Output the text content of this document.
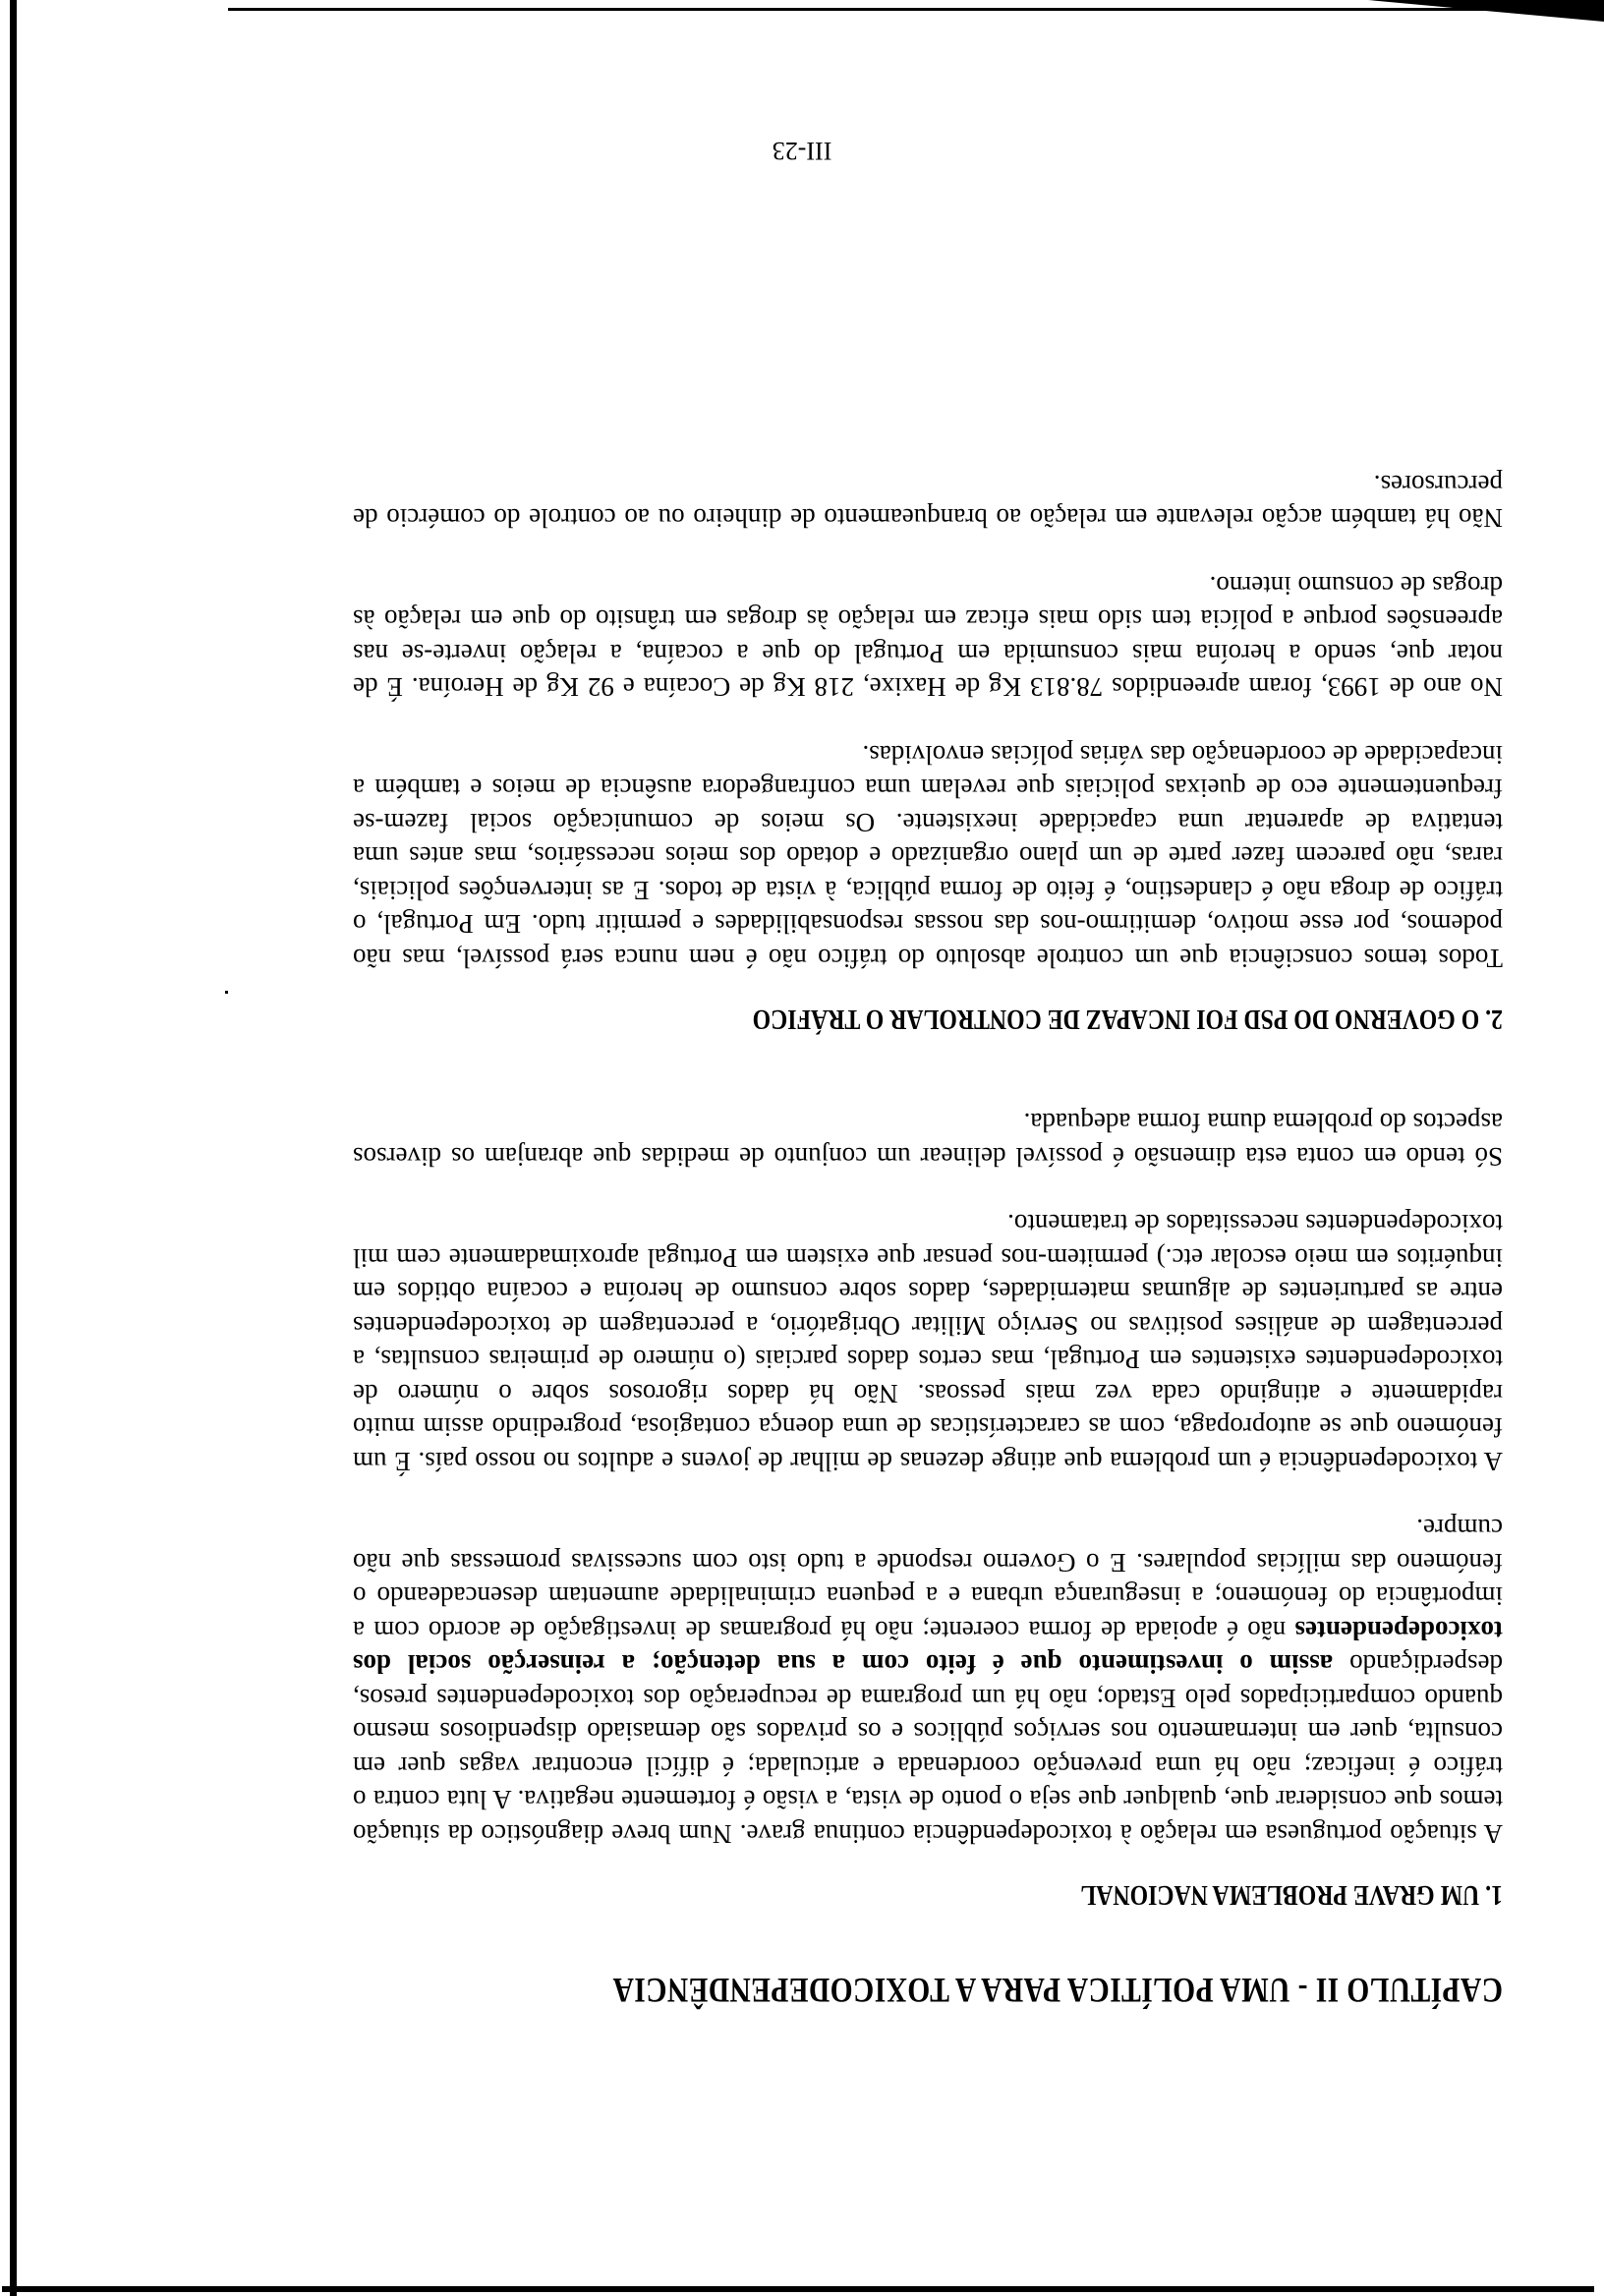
CAPÍTULO II - UMA POLÍTICA PARA A TOXICODEPENDÊNCIA
1. UM GRAVE PROBLEMA NACIONAL

A situação portuguesa em relação à toxicodependência continua grave. Num breve diagnóstico da situação temos que considerar que, qualquer que seja o ponto de vista, a visão é fortemente negativa. A luta contra o tráfico é ineficaz; não há uma prevenção coordenada e articulada; é difícil encontrar vagas quer em consulta, quer em internamento nos serviços públicos e os privados são demasiado dispendiosos mesmo quando comparticipados pelo Estado; não há um programa de recuperação dos toxicodependentes presos, desperdiçando assim o investimento que é feito com a sua detenção; a reinserção social dos toxicodependentes não é apoiada de forma coerente; não há programas de investigação de acordo com a importância do fenómeno; a insegurança urbana e a pequena criminalidade aumentam desencadeando o fenómeno das milícias populares. E o Governo responde a tudo isto com sucessivas promessas que não cumpre.

A toxicodependência é um problema que atinge dezenas de milhar de jovens e adultos no nosso país. É um fenómeno que se autopropaga, com as características de uma doença contagiosa, progredindo assim muito rapidamente e atingindo cada vez mais pessoas. Não há dados rigorosos sobre o número de toxicodependentes existentes em Portugal, mas certos dados parciais (o número de primeiras consultas, a percentagem de análises positivas no Serviço Militar Obrigatório, a percentagem de toxicodependentes entre as parturientes de algumas maternidades, dados sobre consumo de heroína e cocaína obtidos em inquéritos em meio escolar etc.) permitem-nos pensar que existem em Portugal aproximadamente cem mil toxicodependentes necessitados de tratamento.

Só tendo em conta esta dimensão é possível delinear um conjunto de medidas que abranjam os diversos aspectos do problema duma forma adequada.

2. O GOVERNO DO PSD FOI INCAPAZ DE CONTROLAR O TRÁFICO

Todos temos consciência que um controle absoluto do tráfico não é nem nunca será possível, mas não podemos, por esse motivo, demitirmo-nos das nossas responsabilidades e permitir tudo. Em Portugal, o tráfico de droga não é clandestino, é feito de forma pública, à vista de todos. E as intervenções policiais, raras, não parecem fazer parte de um plano organizado e dotado dos meios necessários, mas antes uma tentativa de aparentar uma capacidade inexistente. Os meios de comunicação social fazem-se frequentemente eco de queixas policiais que revelam uma confrangedora ausência de meios e também a incapacidade de coordenação das várias polícias envolvidas.

No ano de 1993, foram apreendidos 78.813 Kg de Haxixe, 218 Kg de Cocaína e 92 Kg de Heroína. É de notar que, sendo a heroína mais consumida em Portugal do que a cocaína, a relação inverte-se nas apreensões porque a polícia tem sido mais eficaz em relação às drogas em trânsito do que em relação às drogas de consumo interno.

Não há também acção relevante em relação ao branqueamento de dinheiro ou ao controle do comércio de percursores.

III-23
